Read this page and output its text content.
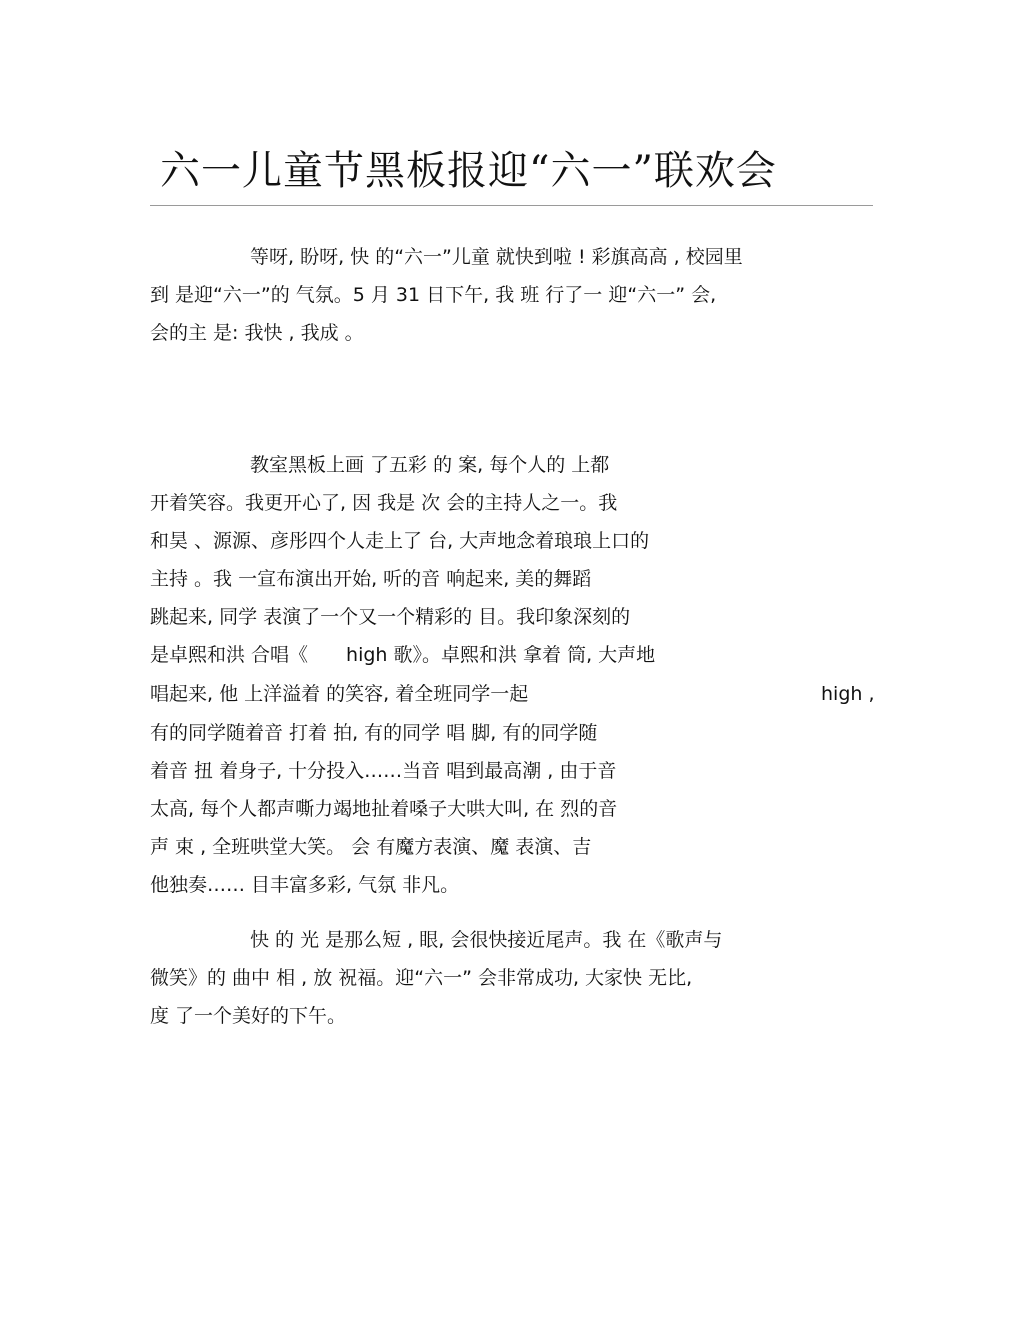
六一儿童节黑板报迎“六一”联欢会
等呀, 盼呀, 快 的“六一”儿童 就快到啦 ! 彩旗高高 , 校园里
到 是迎“六一”的 气氛。5 月 31 日下午, 我 班 行了一 迎“六一” 会,
会的主 是: 我快 , 我成 。
教室黑板上画 了五彩 的 案, 每个人的 上都
开着笑容。我更开心了, 因 我是 次 会的主持人之一。我
和昊 、源源、彦彤四个人走上了 台, 大声地念着琅琅上口的
主持 。我 一宣布演出开始, 听的音 响起来, 美的舞蹈
跳起来, 同学 表演了一个又一个精彩的 目。我印象深刻的
是卓熙和洪 合唱《　　high 歌》。卓熙和洪 拿着 筒, 大声地
唱起来, 他 上洋溢着 的笑容, 着全班同学一起	high ,
有的同学随着音 打着 拍, 有的同学 唱 脚, 有的同学随
着音 扭 着身子, 十分投入……当音 唱到最高潮 , 由于音
太高, 每个人都声嘶力竭地扯着嗓子大哄大叫, 在 烈的音
声 束 , 全班哄堂大笑。 会 有魔方表演、魔 表演、吉
他独奏…… 目丰富多彩, 气氛 非凡。
快 的 光 是那么短 , 眼, 会很快接近尾声。我 在《歌声与
微笑》的 曲中 相 , 放 祝福。迎“六一” 会非常成功, 大家快 无比,
度 了一个美好的下午。
